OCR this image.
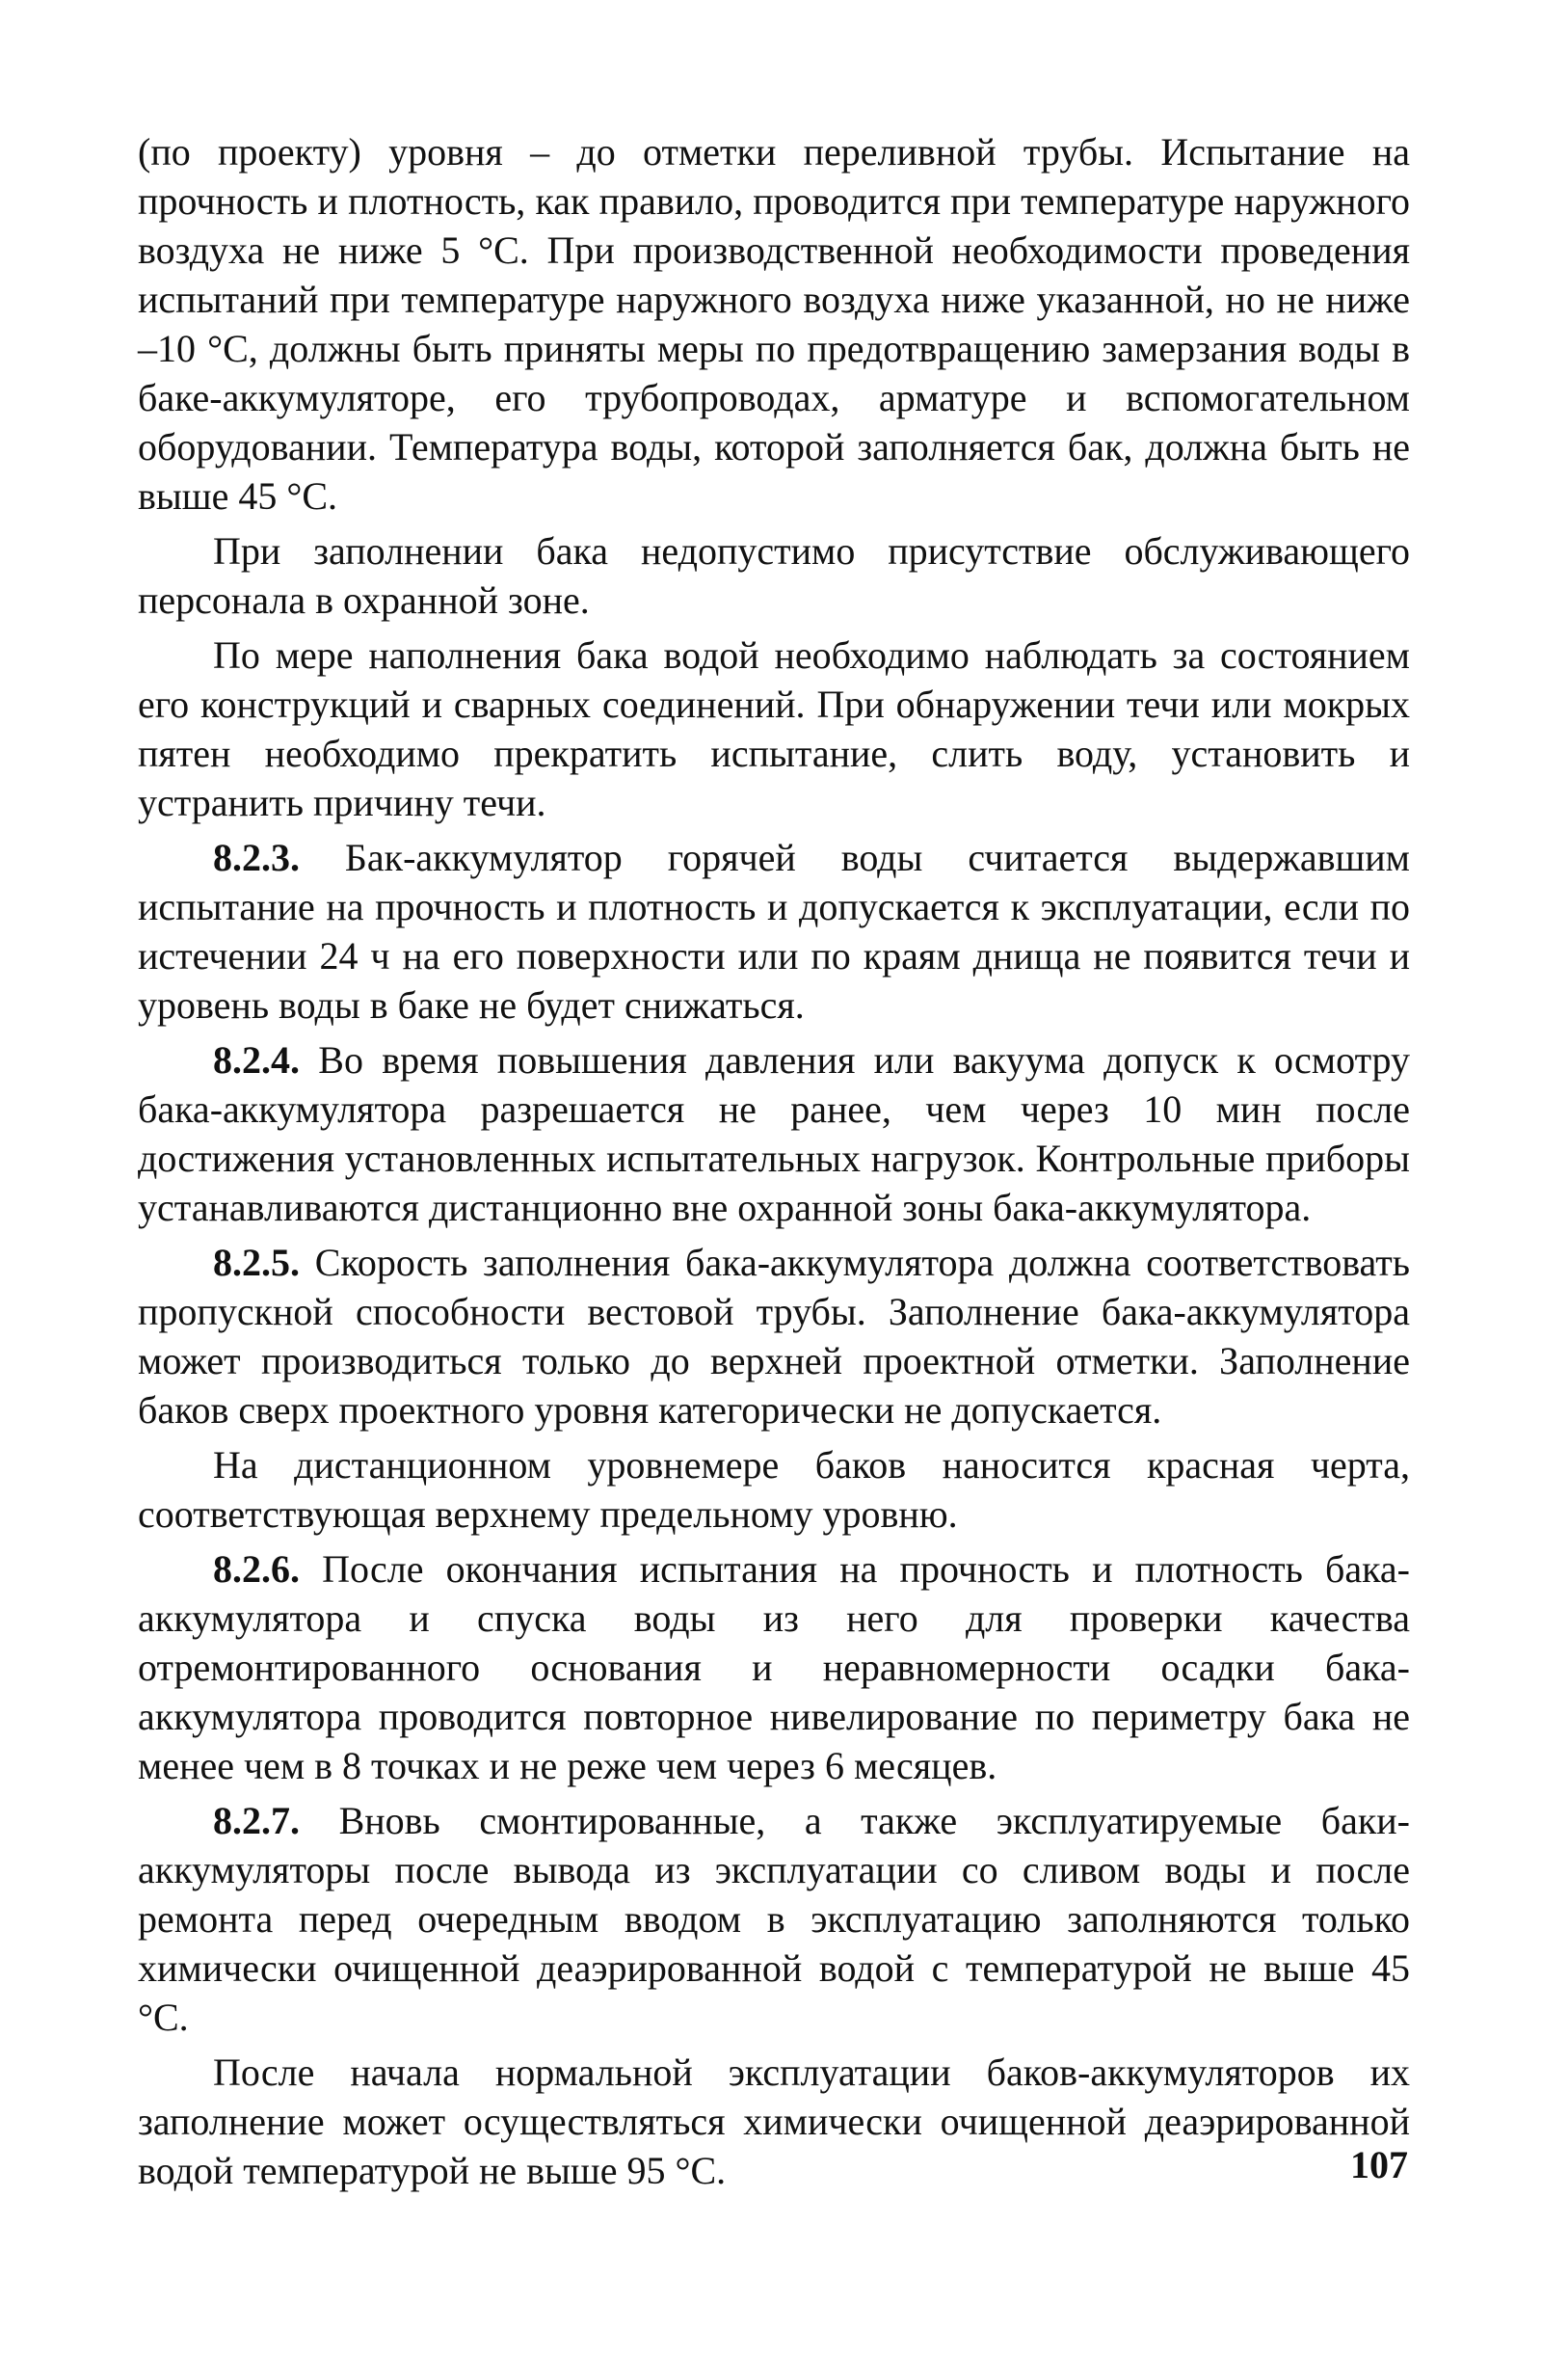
(по проекту) уровня – до отметки переливной трубы. Испытание на прочность и плотность, как правило, проводится при температуре наружного воздуха не ниже 5 °С. При производственной необходимости проведения испытаний при температуре наружного воздуха ниже указанной, но не ниже –10 °С, должны быть приняты меры по предотвращению замерзания воды в баке-аккумуляторе, его трубопроводах, арматуре и вспомогательном оборудовании. Температура воды, которой заполняется бак, должна быть не выше 45 °С.

При заполнении бака недопустимо присутствие обслуживающего персонала в охранной зоне.

По мере наполнения бака водой необходимо наблюдать за состоянием его конструкций и сварных соединений. При обнаружении течи или мокрых пятен необходимо прекратить испытание, слить воду, установить и устранить причину течи.

8.2.3. Бак-аккумулятор горячей воды считается выдержавшим испытание на прочность и плотность и допускается к эксплуатации, если по истечении 24 ч на его поверхности или по краям днища не появится течи и уровень воды в баке не будет снижаться.

8.2.4. Во время повышения давления или вакуума допуск к осмотру бака-аккумулятора разрешается не ранее, чем через 10 мин после достижения установленных испытательных нагрузок. Контрольные приборы устанавливаются дистанционно вне охранной зоны бака-аккумулятора.

8.2.5. Скорость заполнения бака-аккумулятора должна соответствовать пропускной способности вестовой трубы. Заполнение бака-аккумулятора может производиться только до верхней проектной отметки. Заполнение баков сверх проектного уровня категорически не допускается.

На дистанционном уровнемере баков наносится красная черта, соответствующая верхнему предельному уровню.

8.2.6. После окончания испытания на прочность и плотность бака-аккумулятора и спуска воды из него для проверки качества отремонтированного основания и неравномерности осадки бака-аккумулятора проводится повторное нивелирование по периметру бака не менее чем в 8 точках и не реже чем через 6 месяцев.

8.2.7. Вновь смонтированные, а также эксплуатируемые баки-аккумуляторы после вывода из эксплуатации со сливом воды и после ремонта перед очередным вводом в эксплуатацию заполняются только химически очищенной деаэрированной водой с температурой не выше 45 °С.

После начала нормальной эксплуатации баков-аккумуляторов их заполнение может осуществляться химически очищенной деаэрированной водой температурой не выше 95 °С.	107
